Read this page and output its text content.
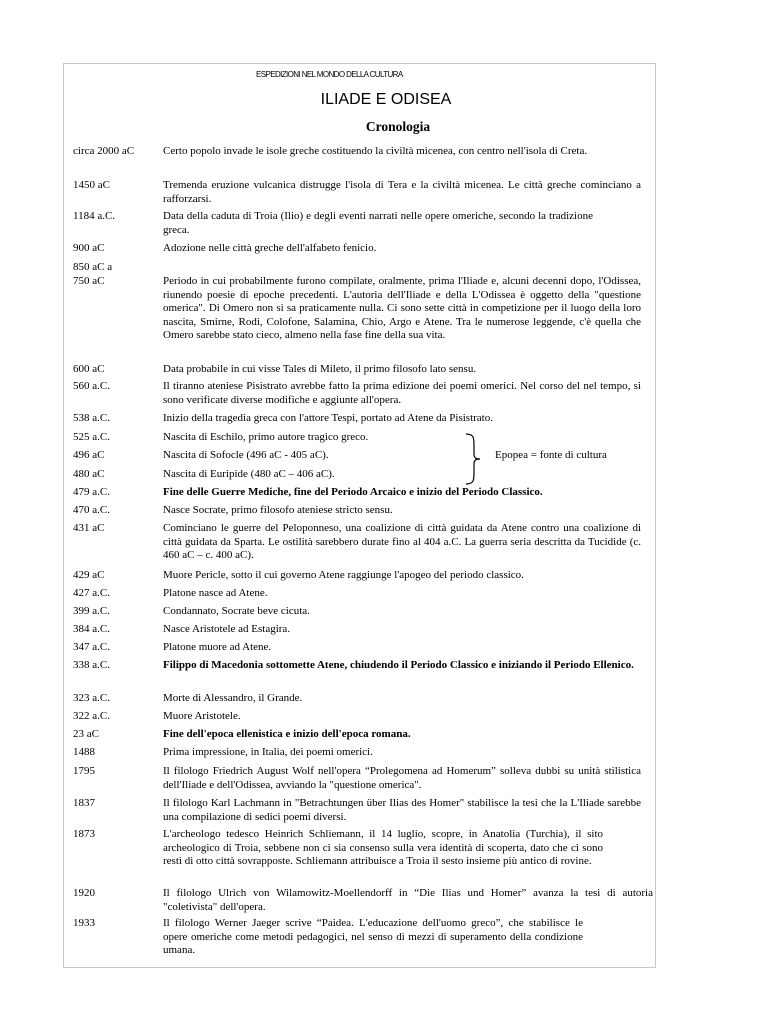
ESPEDIZIONI NEL MONDO DELLA CULTURA
ILIADE E ODISEA
Cronologia
circa 2000 aC	Certo popolo invade le isole greche costituendo la civiltà micenea, con centro nell'isola di Creta.
1450 aC	Tremenda eruzione vulcanica distrugge l'isola di Tera e la civiltà micenea. Le città greche cominciano a rafforzarsi.
1184 a.C.	Data della caduta di Troia (Ilio) e degli eventi narrati nelle opere omeriche, secondo la tradizione greca.
900 aC	Adozione nelle città greche dell'alfabeto fenicio.
850 aC a
750 aC	Periodo in cui probabilmente furono compilate, oralmente, prima l'Iliade e, alcuni decenni dopo, l'Odissea, riunendo poesie di epoche precedenti. L'autoria dell'Iliade e della L'Odissea è oggetto della "questione omerica". Di Omero non si sa praticamente nulla. Ci sono sette città in competizione per il luogo della loro nascita, Smirne, Rodi, Colofone, Salamina, Chio, Argo e Atene. Tra le numerose leggende, c'è quella che Omero sarebbe stato cieco, almeno nella fase fine della sua vita.
600 aC	Data probabile in cui visse Tales di Mileto, il primo filosofo lato sensu.
560 a.C.	Il tiranno ateniese Pisistrato avrebbe fatto la prima edizione dei poemi omerici. Nel corso del nel tempo, si sono verificate diverse modifiche e aggiunte all'opera.
538 a.C.	Inizio della tragedia greca con l'attore Tespi, portato ad Atene da Pisistrato.
525 a.C.	Nascita di Eschilo, primo autore tragico greco.
496 aC	Nascita di Sofocle (496 aC - 405 aC).
480 aC	Nascita di Euripide (480 aC – 406 aC).
Epopea = fonte di cultura
479 a.C.	Fine delle Guerre Mediche, fine del Periodo Arcaico e inizio del Periodo Classico.
470 a.C.	Nasce Socrate, primo filosofo ateniese stricto sensu.
431 aC	Cominciano le guerre del Peloponneso, una coalizione di città guidata da Atene contro una coalizione di città guidata da Sparta. Le ostilità sarebbero durate fino al 404 a.C. La guerra seria descritta da Tucidide (c. 460 aC – c. 400 aC).
429 aC	Muore Pericle, sotto il cui governo Atene raggiunge l'apogeo del periodo classico.
427 a.C.	Platone nasce ad Atene.
399 a.C.	Condannato, Socrate beve cicuta.
384 a.C.	Nasce Aristotele ad Estagira.
347 a.C.	Platone muore ad Atene.
338 a.C.	Filippo di Macedonia sottomette Atene, chiudendo il Periodo Classico e iniziando il Periodo Ellenico.
323 a.C.	Morte di Alessandro, il Grande.
322 a.C.	Muore Aristotele.
23 aC	Fine dell'epoca ellenistica e inizio dell'epoca romana.
1488	Prima impressione, in Italia, dei poemi omerici.
1795	Il filologo Friedrich August Wolf nell'opera “Prolegomena ad Homerum” solleva dubbi su unità stilistica dell'Iliade e dell'Odissea, avviando la "questione omerica".
1837	Il filologo Karl Lachmann in "Betrachtungen über Ilias des Homer" stabilisce la tesi che la L'Iliade sarebbe una compilazione di sedici poemi diversi.
1873	L'archeologo tedesco Heinrich Schliemann, il 14 luglio, scopre, in Anatolia (Turchia), il sito archeologico di Troia, sebbene non ci sia consenso sulla vera identità di scoperta, dato che ci sono resti di otto città sovrapposte. Schliemann attribuisce a Troia il sesto insieme più antico di rovine.
1920	Il filologo Ulrich von Wilamowitz-Moellendorff in “Die Ilias und Homer” avanza la tesi di autoria "coletivista" dell'opera.
1933	Il filologo Werner Jaeger scrive “Paidea. L'educazione dell'uomo greco”, che stabilisce le opere omeriche come metodi pedagogici, nel senso di mezzi di superamento della condizione umana.
